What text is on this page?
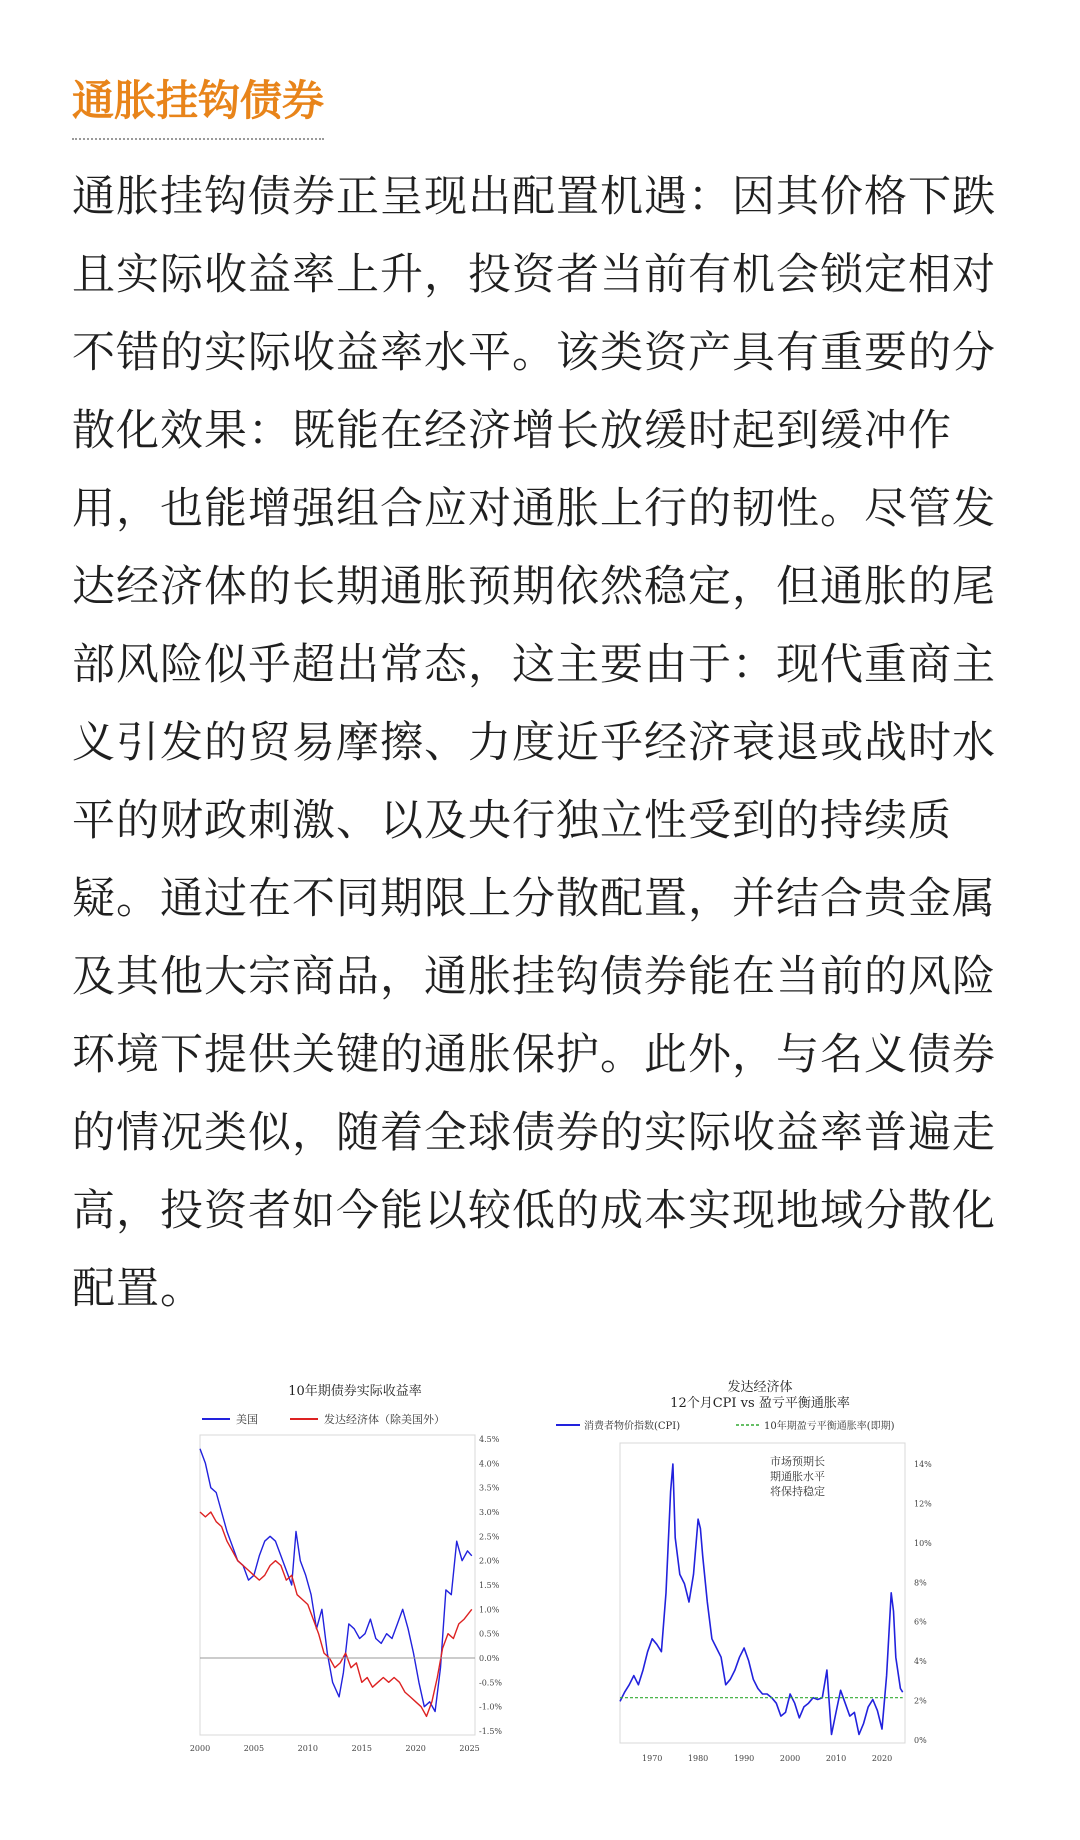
通胀挂钩债券

通胀挂钩债券正呈现出配置机遇：因其价格下跌且实际收益率上升，投资者当前有机会锁定相对不错的实际收益率水平。该类资产具有重要的分散化效果：既能在经济增长放缓时起到缓冲作用，也能增强组合应对通胀上行的韧性。尽管发达经济体的长期通胀预期依然稳定，但通胀的尾部风险似乎超出常态，这主要由于：现代重商主义引发的贸易摩擦、力度近乎经济衰退或战时水平的财政刺激、以及央行独立性受到的持续质疑。通过在不同期限上分散配置，并结合贵金属及其他大宗商品，通胀挂钩债券能在当前的风险环境下提供关键的通胀保护。此外，与名义债券的情况类似，随着全球债券的实际收益率普遍走高，投资者如今能以较低的成本实现地域分散化配置。

10年期债券实际收益率
美国	发达经济体（除美国外）
4.5%
4.0%
3.5%
3.0%
2.5%
2.0%
1.5%
1.0%
0.5%
0.0%
-0.5%
-1.0%
-1.5%
2000	2005	2010	2015	2020	2025
发达经济体
12个月CPI vs 盈亏平衡通胀率
消费者物价指数(CPI)	10年期盈亏平衡通胀率(即期)
市场预期长期通胀水平将保持稳定
14%
12%
10%
8%
6%
4%
2%
0%
1970	1980	1990	2000	2010	2020
